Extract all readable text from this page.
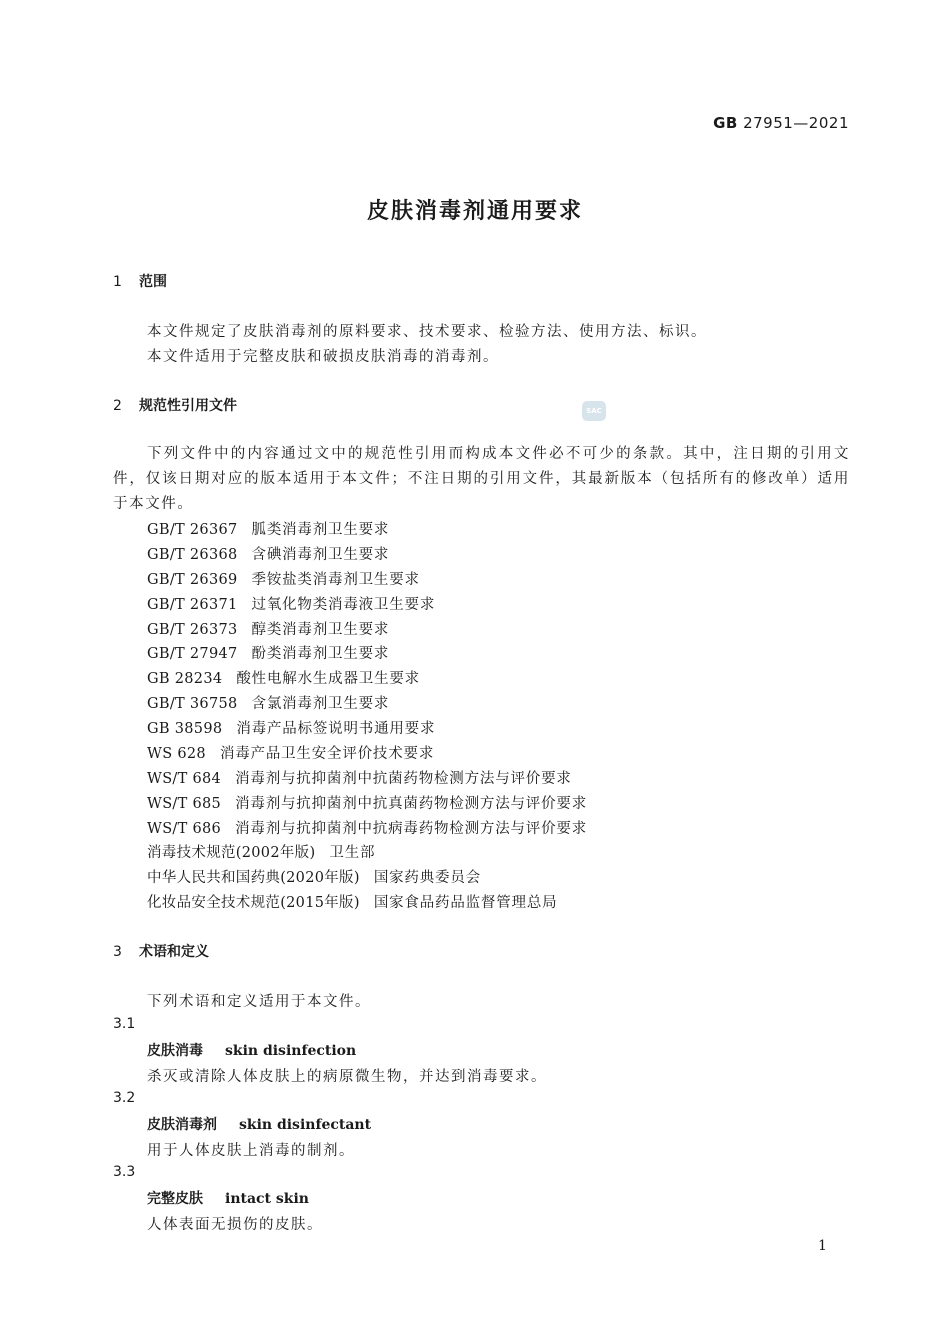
GB 27951—2021
皮肤消毒剂通用要求
1 范围
本文件规定了皮肤消毒剂的原料要求、技术要求、检验方法、使用方法、标识。
本文件适用于完整皮肤和破损皮肤消毒的消毒剂。
2 规范性引用文件	SAC
下列文件中的内容通过文中的规范性引用而构成本文件必不可少的条款。其中，注日期的引用文件，仅该日期对应的版本适用于本文件；不注日期的引用文件，其最新版本（包括所有的修改单）适用于本文件。
GB/T 26367 胍类消毒剂卫生要求
GB/T 26368 含碘消毒剂卫生要求
GB/T 26369 季铵盐类消毒剂卫生要求
GB/T 26371 过氧化物类消毒液卫生要求
GB/T 26373 醇类消毒剂卫生要求
GB/T 27947 酚类消毒剂卫生要求
GB 28234 酸性电解水生成器卫生要求
GB/T 36758 含氯消毒剂卫生要求
GB 38598 消毒产品标签说明书通用要求
WS 628 消毒产品卫生安全评价技术要求
WS/T 684 消毒剂与抗抑菌剂中抗菌药物检测方法与评价要求
WS/T 685 消毒剂与抗抑菌剂中抗真菌药物检测方法与评价要求
WS/T 686 消毒剂与抗抑菌剂中抗病毒药物检测方法与评价要求
消毒技术规范(2002年版) 卫生部
中华人民共和国药典(2020年版) 国家药典委员会
化妆品安全技术规范(2015年版) 国家食品药品监督管理总局
3 术语和定义
下列术语和定义适用于本文件。
3.1
皮肤消毒 skin disinfection
杀灭或清除人体皮肤上的病原微生物，并达到消毒要求。
3.2
皮肤消毒剂 skin disinfectant
用于人体皮肤上消毒的制剂。
3.3
完整皮肤 intact skin
人体表面无损伤的皮肤。
1
